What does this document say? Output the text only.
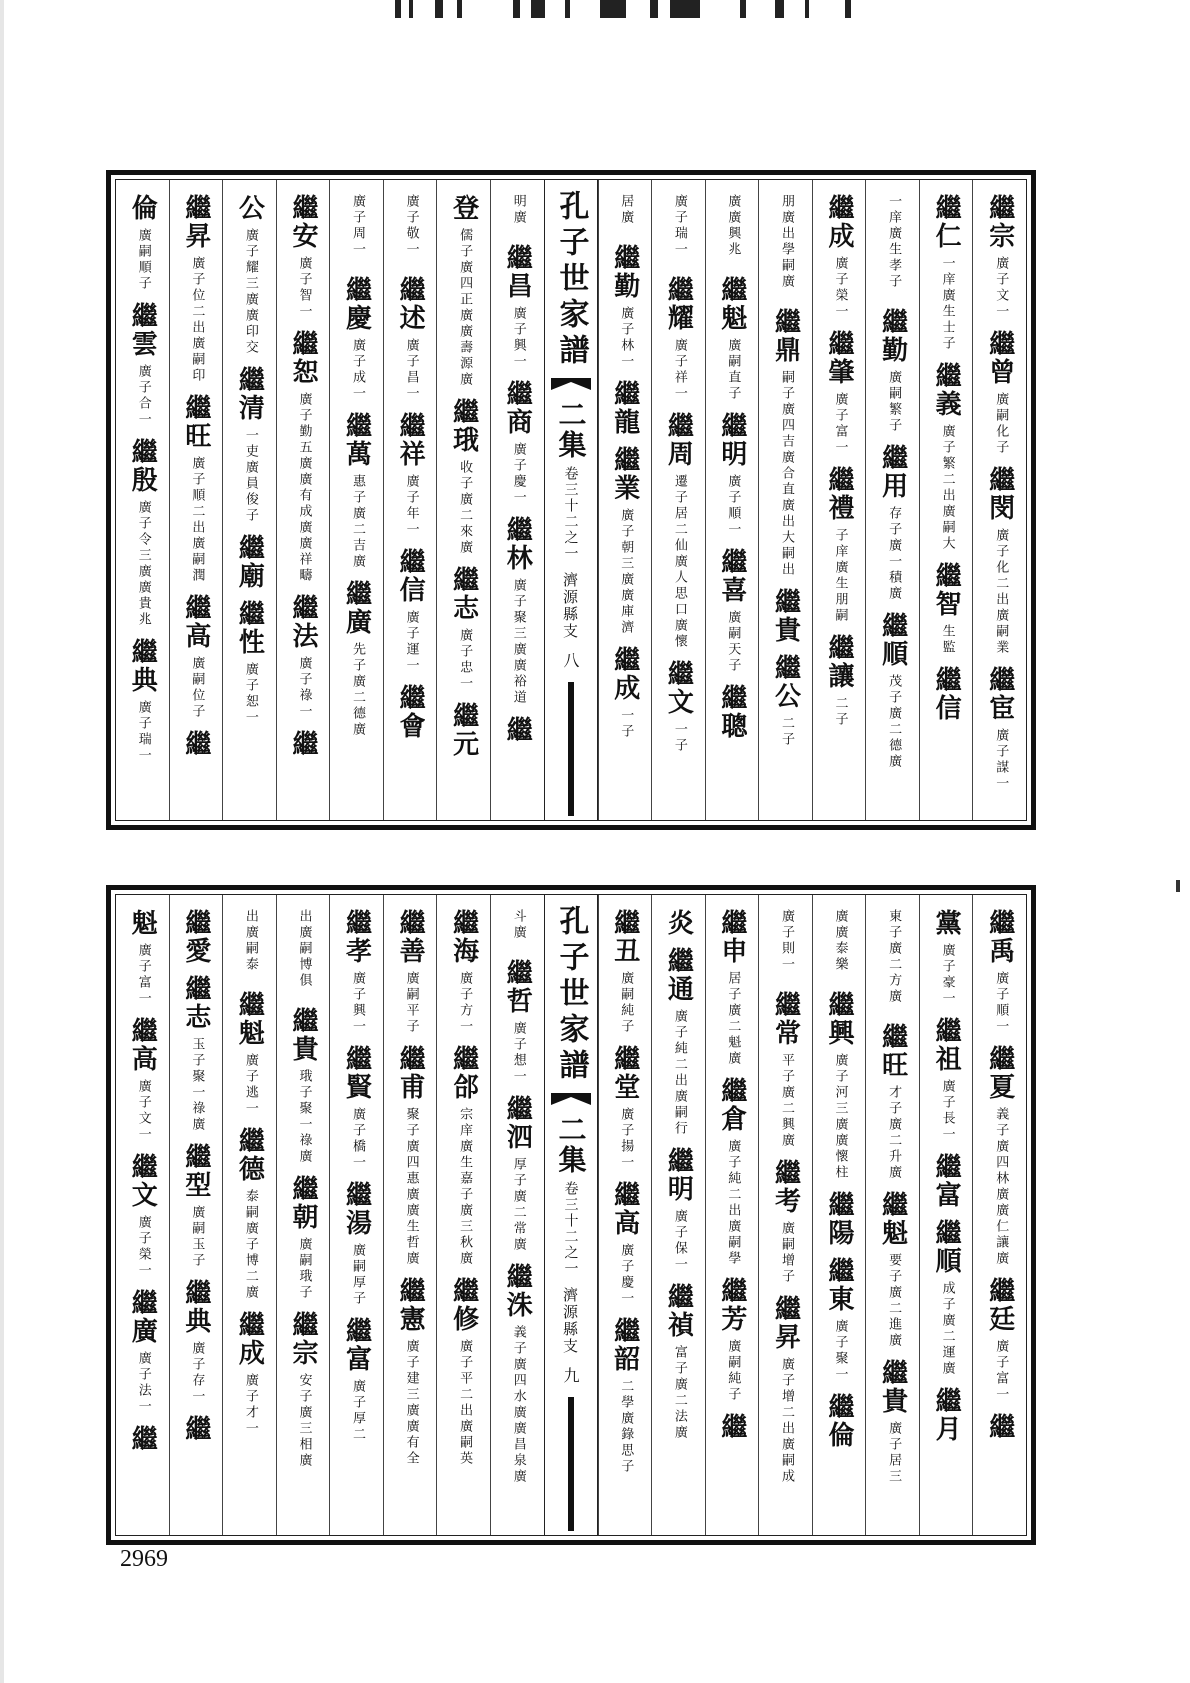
繼宗
廣子文一
繼曾
廣嗣化子
繼閔
廣子化二出廣嗣業
繼宦
廣子謀一
繼仁
一庠廣生士子
繼義
廣子繁二出廣嗣大
繼智
生監
繼信
一庠廣生孝子
繼勤
廣嗣繁子
繼用
存子廣一積廣
繼順
茂子廣二德廣
繼成
廣子榮一
繼肇
廣子富一
繼禮
子庠廣生朋嗣
繼讓
二子
朋廣出學嗣廣
繼鼎
嗣子廣四吉廣合直廣出大嗣出
繼貴
繼公
二子
廣廣興兆
繼魁
廣嗣直子
繼明
廣子順一
繼喜
廣嗣天子
繼聰
廣子瑞一
繼耀
廣子祥一
繼周
遷子居二仙廣人思口廣懷
繼文
一子
居廣
繼勤
廣子林一
繼龍
繼業
廣子朝三廣廣庫濟
繼成
一子
孔子世家譜
二集
卷三十二之一
濟源縣支
八
明廣
繼昌
廣子興一
繼商
廣子慶一
繼林
廣子聚三廣廣裕道
繼
登
儒子廣四正廣廣壽源廣
繼珴
收子廣二來廣
繼志
廣子忠一
繼元
廣子敬一
繼述
廣子昌一
繼祥
廣子年一
繼信
廣子運一
繼會
廣子周一
繼慶
廣子成一
繼萬
惠子廣二吉廣
繼廣
先子廣二德廣
繼安
廣子智一
繼恕
廣子勤五廣廣有成廣廣祥疇
繼法
廣子祿一
繼
公
廣子耀三廣廣印交
繼清
一吏廣員俊子
繼廟
繼性
廣子恕一
繼昇
廣子位二出廣嗣印
繼旺
廣子順二出廣嗣潤
繼高
廣嗣位子
繼
倫
廣嗣順子
繼雲
廣子合一
繼殷
廣子令三廣廣貴兆
繼典
廣子瑞一
繼禹
廣子順一
繼夏
義子廣四林廣廣仁讓廣
繼廷
廣子富一
繼
黨
廣子豪一
繼祖
廣子長一
繼富
繼順
成子廣二運廣
繼月
東子廣二方廣
繼旺
才子廣二升廣
繼魁
要子廣二進廣
繼貴
廣子居三
廣廣泰樂
繼興
廣子河三廣廣懷柱
繼陽
繼東
廣子聚一
繼倫
廣子則一
繼常
平子廣二興廣
繼考
廣嗣增子
繼昇
廣子增二出廣嗣成
繼申
居子廣二魁廣
繼倉
廣子純二出廣嗣學
繼芳
廣嗣純子
繼
炎
繼通
廣子純二出廣嗣行
繼明
廣子保一
繼禎
富子廣二法廣
繼丑
廣嗣純子
繼堂
廣子揚一
繼高
廣子慶一
繼韶
二學廣錄思子
孔子世家譜
二集
卷三十二之一
濟源縣支
九
斗廣
繼哲
廣子想一
繼泗
厚子廣二常廣
繼洙
義子廣四水廣廣昌泉廣
繼海
廣子方一
繼郃
宗庠廣生嘉子廣三秋廣
繼修
廣子平二出廣嗣英
繼善
廣嗣平子
繼甫
聚子廣四惠廣廣生哲廣
繼憲
廣子建三廣廣有全
繼孝
廣子興一
繼賢
廣子橋一
繼湯
廣嗣厚子
繼富
廣子厚二
出廣嗣博俱
繼貴
珴子聚一祿廣
繼朝
廣嗣珴子
繼宗
安子廣三相廣
出廣嗣泰
繼魁
廣子逃一
繼德
泰嗣廣子博二廣
繼成
廣子才一
繼愛
繼志
玉子聚一祿廣
繼型
廣嗣玉子
繼典
廣子存一
繼
魁
廣子富一
繼高
廣子文一
繼文
廣子榮一
繼廣
廣子法一
繼
2969
